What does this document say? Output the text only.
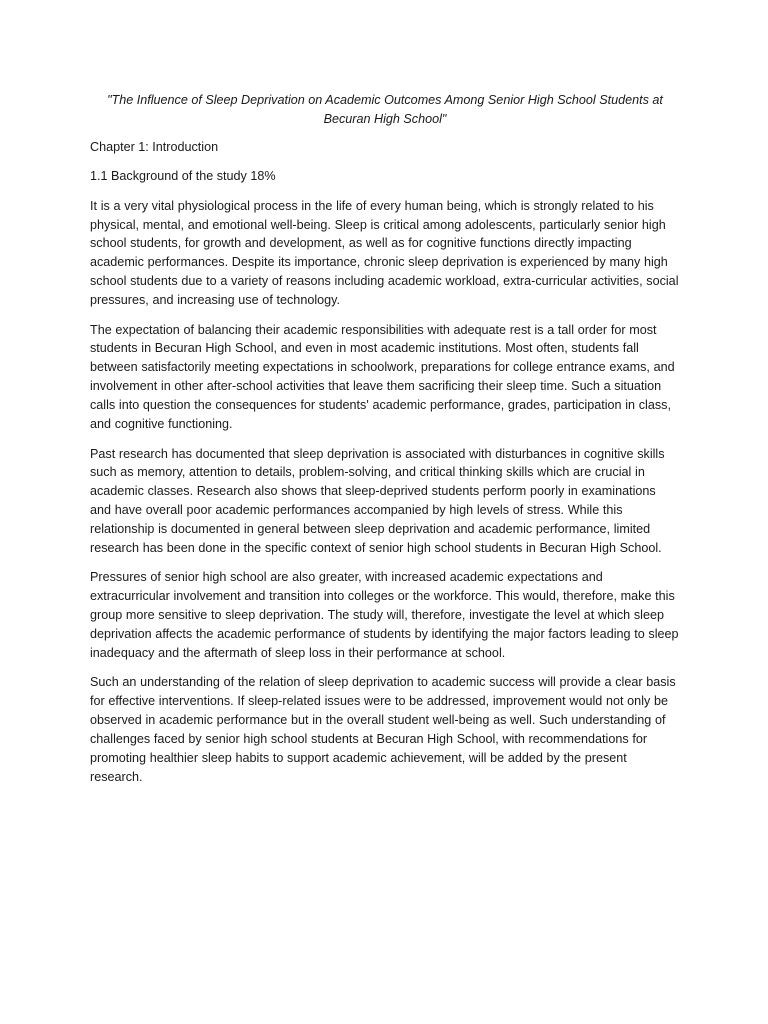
"The Influence of Sleep Deprivation on Academic Outcomes Among Senior High School Students at
Becuran High School"

Chapter 1: Introduction

1.1 Background of the study 18%

It is a very vital physiological process in the life of every human being, which is strongly related to his physical, mental, and emotional well-being. Sleep is critical among adolescents, particularly senior high school students, for growth and development, as well as for cognitive functions directly impacting academic performances. Despite its importance, chronic sleep deprivation is experienced by many high school students due to a variety of reasons including academic workload, extra-curricular activities, social pressures, and increasing use of technology.

The expectation of balancing their academic responsibilities with adequate rest is a tall order for most students in Becuran High School, and even in most academic institutions. Most often, students fall between satisfactorily meeting expectations in schoolwork, preparations for college entrance exams, and involvement in other after-school activities that leave them sacrificing their sleep time. Such a situation calls into question the consequences for students' academic performance, grades, participation in class, and cognitive functioning.

Past research has documented that sleep deprivation is associated with disturbances in cognitive skills such as memory, attention to details, problem-solving, and critical thinking skills which are crucial in academic classes. Research also shows that sleep-deprived students perform poorly in examinations and have overall poor academic performances accompanied by high levels of stress. While this relationship is documented in general between sleep deprivation and academic performance, limited research has been done in the specific context of senior high school students in Becuran High School.

Pressures of senior high school are also greater, with increased academic expectations and extracurricular involvement and transition into colleges or the workforce. This would, therefore, make this group more sensitive to sleep deprivation. The study will, therefore, investigate the level at which sleep deprivation affects the academic performance of students by identifying the major factors leading to sleep inadequacy and the aftermath of sleep loss in their performance at school.

Such an understanding of the relation of sleep deprivation to academic success will provide a clear basis for effective interventions. If sleep-related issues were to be addressed, improvement would not only be observed in academic performance but in the overall student well-being as well. Such understanding of challenges faced by senior high school students at Becuran High School, with recommendations for promoting healthier sleep habits to support academic achievement, will be added by the present research.
